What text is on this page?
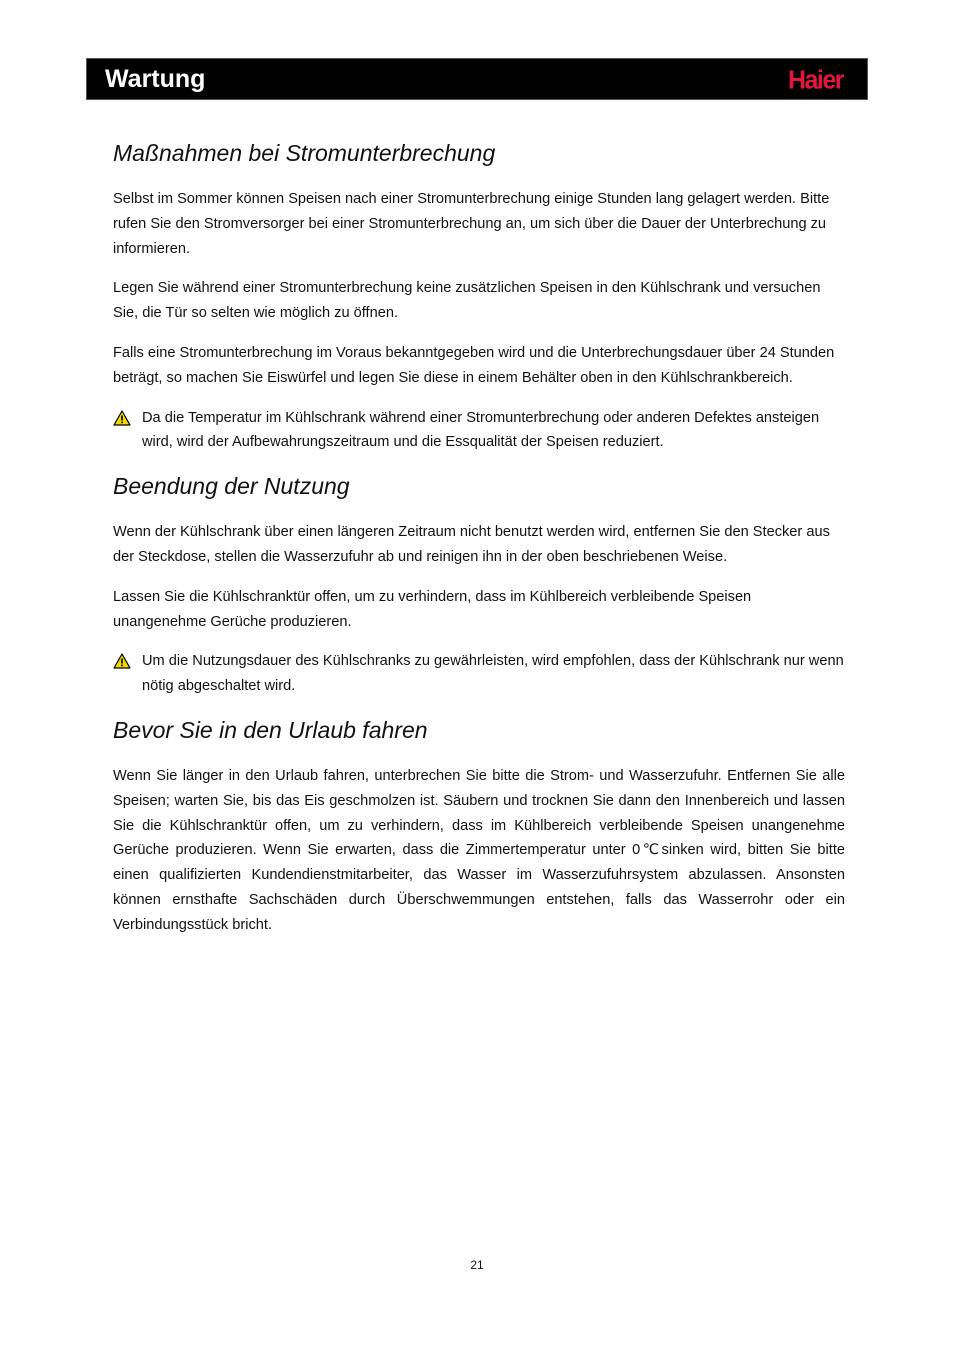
Wartung	Haier
Maßnahmen bei Stromunterbrechung

Selbst im Sommer können Speisen nach einer Stromunterbrechung einige Stunden lang gelagert werden. Bitte rufen Sie den Stromversorger bei einer Stromunterbrechung an, um sich über die Dauer der Unterbrechung zu informieren.

Legen Sie während einer Stromunterbrechung keine zusätzlichen Speisen in den Kühlschrank und versuchen Sie, die Tür so selten wie möglich zu öffnen.

Falls eine Stromunterbrechung im Voraus bekanntgegeben wird und die Unterbrechungsdauer über 24 Stunden beträgt, so machen Sie Eiswürfel und legen Sie diese in einem Behälter oben in den Kühlschrankbereich.

Da die Temperatur im Kühlschrank während einer Stromunterbrechung oder anderen Defektes ansteigen wird, wird der Aufbewahrungszeitraum und die Essqualität der Speisen reduziert.
Beendung der Nutzung

Wenn der Kühlschrank über einen längeren Zeitraum nicht benutzt werden wird, entfernen Sie den Stecker aus der Steckdose, stellen die Wasserzufuhr ab und reinigen ihn in der oben beschriebenen Weise.

Lassen Sie die Kühlschranktür offen, um zu verhindern, dass im Kühlbereich verbleibende Speisen unangenehme Gerüche produzieren.

Um die Nutzungsdauer des Kühlschranks zu gewährleisten, wird empfohlen, dass der Kühlschrank nur wenn nötig abgeschaltet wird.
Bevor Sie in den Urlaub fahren

Wenn Sie länger in den Urlaub fahren, unterbrechen Sie bitte die Strom- und Wasserzufuhr. Entfernen Sie alle Speisen; warten Sie, bis das Eis geschmolzen ist. Säubern und trocknen Sie dann den Innenbereich und lassen Sie die Kühlschranktür offen, um zu verhindern, dass im Kühlbereich verbleibende Speisen unangenehme Gerüche produzieren. Wenn Sie erwarten, dass die Zimmertemperatur unter 0℃sinken wird, bitten Sie bitte einen qualifizierten Kundendienstmitarbeiter, das Wasser im Wasserzufuhrsystem abzulassen. Ansonsten können ernsthafte Sachschäden durch Überschwemmungen entstehen, falls das Wasserrohr oder ein Verbindungsstück bricht.

21
